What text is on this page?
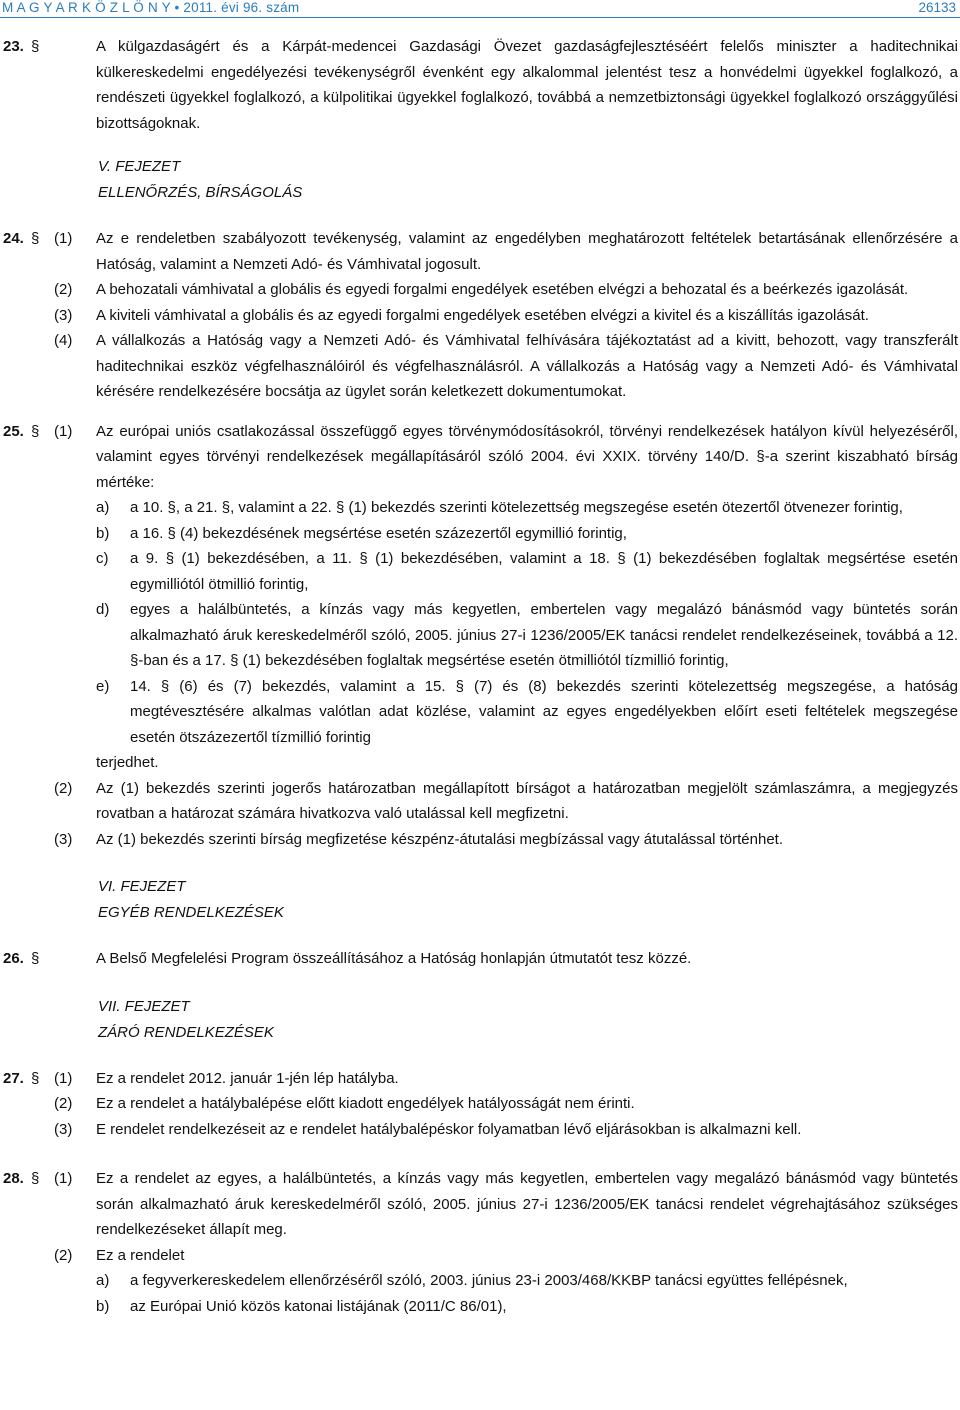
M A G Y A R K Ö Z L Ö N Y • 2011. évi 96. szám	26133
23. §	A külgazdaságért és a Kárpát-medencei Gazdasági Övezet gazdaságfejlesztéséért felelős miniszter a haditechnikai külkereskedelmi engedélyezési tevékenységről évenként egy alkalommal jelentést tesz a honvédelmi ügyekkel foglalkozó, a rendészeti ügyekkel foglalkozó, a külpolitikai ügyekkel foglalkozó, továbbá a nemzetbiztonsági ügyekkel foglalkozó országgyűlési bizottságoknak.
V. FEJEZET
ELLENŐRZÉS, BÍRSÁGOLÁS
24. § (1)	Az e rendeletben szabályozott tevékenység, valamint az engedélyben meghatározott feltételek betartásának ellenőrzésére a Hatóság, valamint a Nemzeti Adó- és Vámhivatal jogosult.
(2)	A behozatali vámhivatal a globális és egyedi forgalmi engedélyek esetében elvégzi a behozatal és a beérkezés igazolását.
(3)	A kiviteli vámhivatal a globális és az egyedi forgalmi engedélyek esetében elvégzi a kivitel és a kiszállítás igazolását.
(4)	A vállalkozás a Hatóság vagy a Nemzeti Adó- és Vámhivatal felhívására tájékoztatást ad a kivitt, behozott, vagy transzferált haditechnikai eszköz végfelhasználóiról és végfelhasználásról. A vállalkozás a Hatóság vagy a Nemzeti Adó- és Vámhivatal kérésére rendelkezésére bocsátja az ügylet során keletkezett dokumentumokat.
25. § (1)	Az európai uniós csatlakozással összefüggő egyes törvénymódosításokról, törvényi rendelkezések hatályon kívül helyezéséről, valamint egyes törvényi rendelkezések megállapításáról szóló 2004. évi XXIX. törvény 140/D. §-a szerint kiszabható bírság mértéke:
a)	a 10. §, a 21. §, valamint a 22. § (1) bekezdés szerinti kötelezettség megszegése esetén ötezertől ötvenezer forintig,
b)	a 16. § (4) bekezdésének megsértése esetén százezertől egymillió forintig,
c)	a 9. § (1) bekezdésében, a 11. § (1) bekezdésében, valamint a 18. § (1) bekezdésében foglaltak megsértése esetén egymilliótól ötmillió forintig,
d)	egyes a halálbüntetés, a kínzás vagy más kegyetlen, embertelen vagy megalázó bánásmód vagy büntetés során alkalmazható áruk kereskedelméről szóló, 2005. június 27-i 1236/2005/EK tanácsi rendelet rendelkezéseinek, továbbá a 12. §-ban és a 17. § (1) bekezdésében foglaltak megsértése esetén ötmilliótól tízmillió forintig,
e)	14. § (6) és (7) bekezdés, valamint a 15. § (7) és (8) bekezdés szerinti kötelezettség megszegése, a hatóság megtévesztésére alkalmas valótlan adat közlése, valamint az egyes engedélyekben előírt eseti feltételek megszegése esetén ötszázezertől tízmillió forintig
terjedhet.
(2)	Az (1) bekezdés szerinti jogerős határozatban megállapított bírságot a határozatban megjelölt számlaszámra, a megjegyzés rovatban a határozat számára hivatkozva való utalással kell megfizetni.
(3)	Az (1) bekezdés szerinti bírság megfizetése készpénz-átutalási megbízással vagy átutalással történhet.
VI. FEJEZET
EGYÉB RENDELKEZÉSEK
26. §	A Belső Megfelelési Program összeállításához a Hatóság honlapján útmutatót tesz közzé.
VII. FEJEZET
ZÁRÓ RENDELKEZÉSEK
27. § (1)	Ez a rendelet 2012. január 1-jén lép hatályba.
(2)	Ez a rendelet a hatálybalépése előtt kiadott engedélyek hatályosságát nem érinti.
(3)	E rendelet rendelkezéseit az e rendelet hatálybalépéskor folyamatban lévő eljárásokban is alkalmazni kell.
28. § (1)	Ez a rendelet az egyes, a halálbüntetés, a kínzás vagy más kegyetlen, embertelen vagy megalázó bánásmód vagy büntetés során alkalmazható áruk kereskedelméről szóló, 2005. június 27-i 1236/2005/EK tanácsi rendelet végrehajtásához szükséges rendelkezéseket állapít meg.
(2)	Ez a rendelet
a)	a fegyverkereskedelem ellenőrzéséről szóló, 2003. június 23-i 2003/468/KKBP tanácsi együttes fellépésnek,
b)	az Európai Unió közös katonai listájának (2011/C 86/01),
